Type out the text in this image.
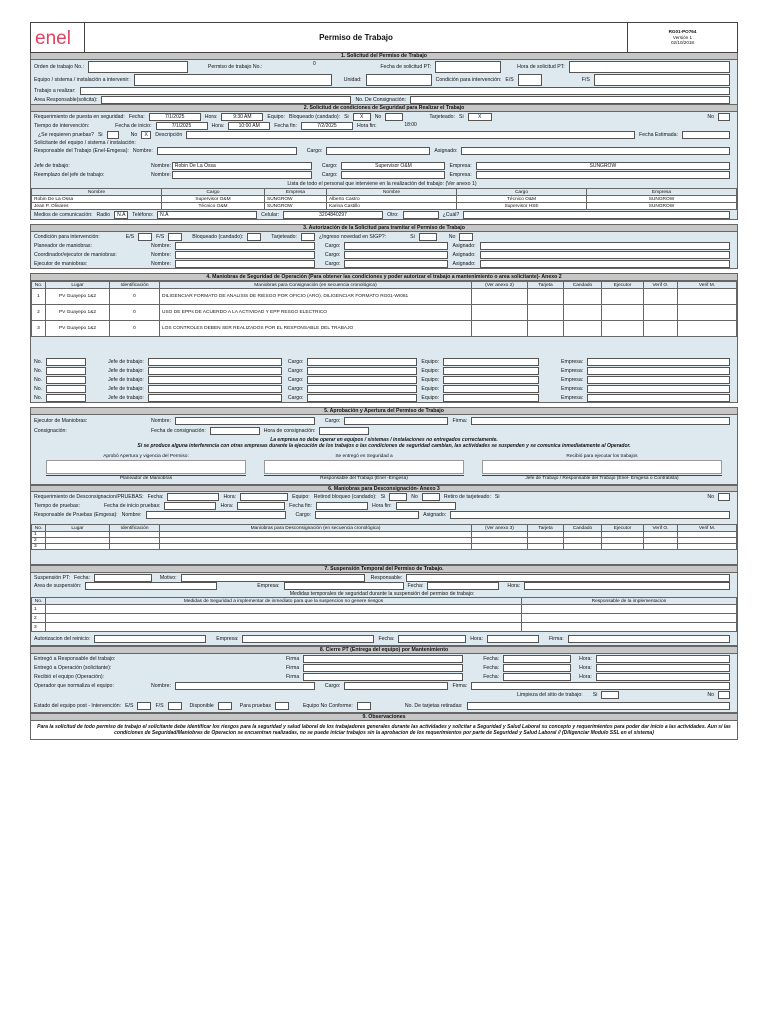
enel	Permiso de Trabajo
RG01-PO764
Versión 1
02/10/2018
1. Solicitud del Permiso de Trabajo
Orden de trabajo No.:	Permiso de trabajo No.:	0	Fecha de solicitud PT:	Hora de solicitud PT:
Equipo / sistema / instalación a intervenir:	Unidad:	Condición para intervención: E/S	F/S
Trabajo a realizar:
Area Responsable(solicita):	No. De Consignación:
2. Solicitud de condiciones de Seguridad para Realizar el Trabajo
Requerimiento de puesta en seguridad: Fecha:	7/1/2025	Hora:	9:30 AM	Equipo: Bloqueado (candado): Si	X	No	Tarjeteado: Si	X	No
Tiempo de intervención:	Fecha de inicio:	7/1/2025	Hora:	10:00 AM	Fecha fin:	7/2/2025	Hora fin:	18:00
¿Se requieren pruebas? Si	No	X	Descripción	Fecha Estimada:
Solicitante del equipo / sistema / instalación:
Responsable del Trabajo (Enel-Emgesa): Nombre:	Cargo:	Asignado:
Jefe de trabajo:	Nombre: Robin De La Ossa	Cargo:	Supervisor O&M	Empresa:	SUNGROW
Reemplazo del jefe de trabajo:	Nombre:	Cargo:	Empresa:
Lista de todo el personal que interviene en la realización del trabajo: (Ver anexo 1)
Nombre	Cargo	Empresa	Nombre	Cargo	Empresa
Robin De La Ossa	Supervisor O&M	SUNGROW	Alberto Castro	Técnico O&M	SUNGROW
Jean P. Olivares	Técnico O&M	SUNGROW	Karina Castillo	Supervisor HSE	SUNGROW
Medios de comunicación: Radio	N.A	Teléfono:	N.A	Celular:	3204840297	Otro:	¿Cuál?
3. Autorización de la Solicitud para tramitar el Permiso de Trabajo
Condición para intervención:	E/S	F/S	Bloqueado (candado):	Tarjeteado:	¿Ingreso novedad en SIGP?:	Si	No
Planeador de maniobras:	Nombre:	Cargo:	Asignado:
Coordinador/ejecutor de maniobras:	Nombre:	Cargo:	Asignado:
Ejecutor de maniobras:	Nombre:	Cargo:	Asignado:
4. Maniobras de Seguridad de Operación (Para obtener las condiciones y poder autorizar el trabajo a mantenimiento o area solicitante)- Anexo 2
No.	Lugar	Identificación	Maniobras para Consignación (en secuencia cronológica)	(Ver anexo 2)	Tarjeta	Candado	Ejecutor	Verif O.	Verif M.
1	PV Guayepo 1&2	0	DILIGENCIAR FORMATO DE ANALISIS DE RIESGO POR OFICIO (ARO), DILIGENCIAR FORMATO RG01-WI081						
2	PV Guayepo 1&2	0	USO DE EPPs DE ACUERDO A LA ACTIVIDAD Y EPP RESGO ELECTRICO						
3	PV Guayepo 1&2	0	LOS CONTROLES DEBEN SER REALIZADOS POR EL RESPONSABLE DEL TRABAJO						
No.	Jefe de trabajo:	Cargo:	Equipo:	Empresa:
No.	Jefe de trabajo:	Cargo:	Equipo:	Empresa:
No.	Jefe de trabajo:	Cargo:	Equipo:	Empresa:
No.	Jefe de trabajo:	Cargo:	Equipo:	Empresa:
No.	Jefe de trabajo:	Cargo:	Equipo:	Empresa:
5. Aprobación y Apertura del Permiso de Trabajo
Ejecutor de Maniobras:	Nombre:	Cargo:	Firma:
Consignación:	Fecha de consignación:	Hora de consignación:
La empresa no debe operar en equipos / sistemas / instalaciones no entregados correctamente.
Si se produce alguna interferencia con otras empresas durante la ejecución de los trabajos o las condiciones de seguridad cambian, las actividades se suspenden y se comunica inmediatamente al Operador.
Aprobó Apertura y vigencia del Permiso:
Planeador de Maniobras
Se entregó en Seguridad a
Responsable del Trabajo (Enel -Emgesa)
Recibió para ejecutar los trabajos
Jefe de Trabajo / Responsable del Trabajo (Enel- Emgesa o Contratista)
6. Maniobras para Desconsignación- Anexo 3
Requerimiento de Desconsignacion/PRUEBAS: Fecha:	Hora:	Equipo: Retirod bloqueo (candado): Si	No	Retiro de tarjeteado: Si	No
Tiempo de pruebas:	Fecha de inicio pruebas:	Hora:	Fecha fin:	Hora fin:
Responsable de Pruebas (Emgesa): Nombre:	Cargo:	Asignado:
No.	Lugar	Identificación	Maniobras para Desconsignación (en secuencia cronológica)	(Ver anexo 3)	Tarjeta	Candado	Ejecutor	Verif O.	Verif M.
1									
2									
3									
7. Suspensión Temporal del Permiso de Trabajo.
Suspensión PT: Fecha:	Motivo:	Responsable:
Area de suspensión:	Empresa:	Fecha:	Hora:
Medidas temporales de seguridad durante la suspensión del permiso de trabajo:
No.	Medidas de Seguridad a implementar de inmediato para que la suspencion no genere riesgos	Responsable de la implementacion
1		
2		
3		
Autorizacion del reinicio:	Empresa:	Fecha:	Hora:	Firma:
8. Cierre PT (Entrega del equipo) por Mantenimiento
Entregó a Responsable del trabajo:	Firma	Fecha:	Hora:
Entregó a Operación (solicitante):	Firma	Fecha:	Hora:
Recibió el equipo (Operación):	Firma	Fecha:	Hora:
Operador que normaliza el equipo:	Nombre:	Cargo:	Firma:
Limpieza del sitio de trabajo: Si	No
Estado del equipo post - Intervención: E/S	F/S	Disponible	Para pruebas	Equipo No Conforme:	No. De tarjetas retiradas:
9. Observaciones
Para la solicitud de todo permiso de trabajo el solicitante debe identificar los riesgos para la seguridad y salud laboral de los trabajadores generales durante las actividades y solicitar a Seguridad y Salud Laboral su concepto y requerimientos para poder dar inicio a las actividades. Aun si las condiciones de Seguridad/Maniobras de Operacion se encuentran realizadas, no se puede iniciar trabajos sin la aprobacion de los requerimientos por parte de Seguridad y Salud Laboral // (Diligenciar Modulo SSL en el sistema)
